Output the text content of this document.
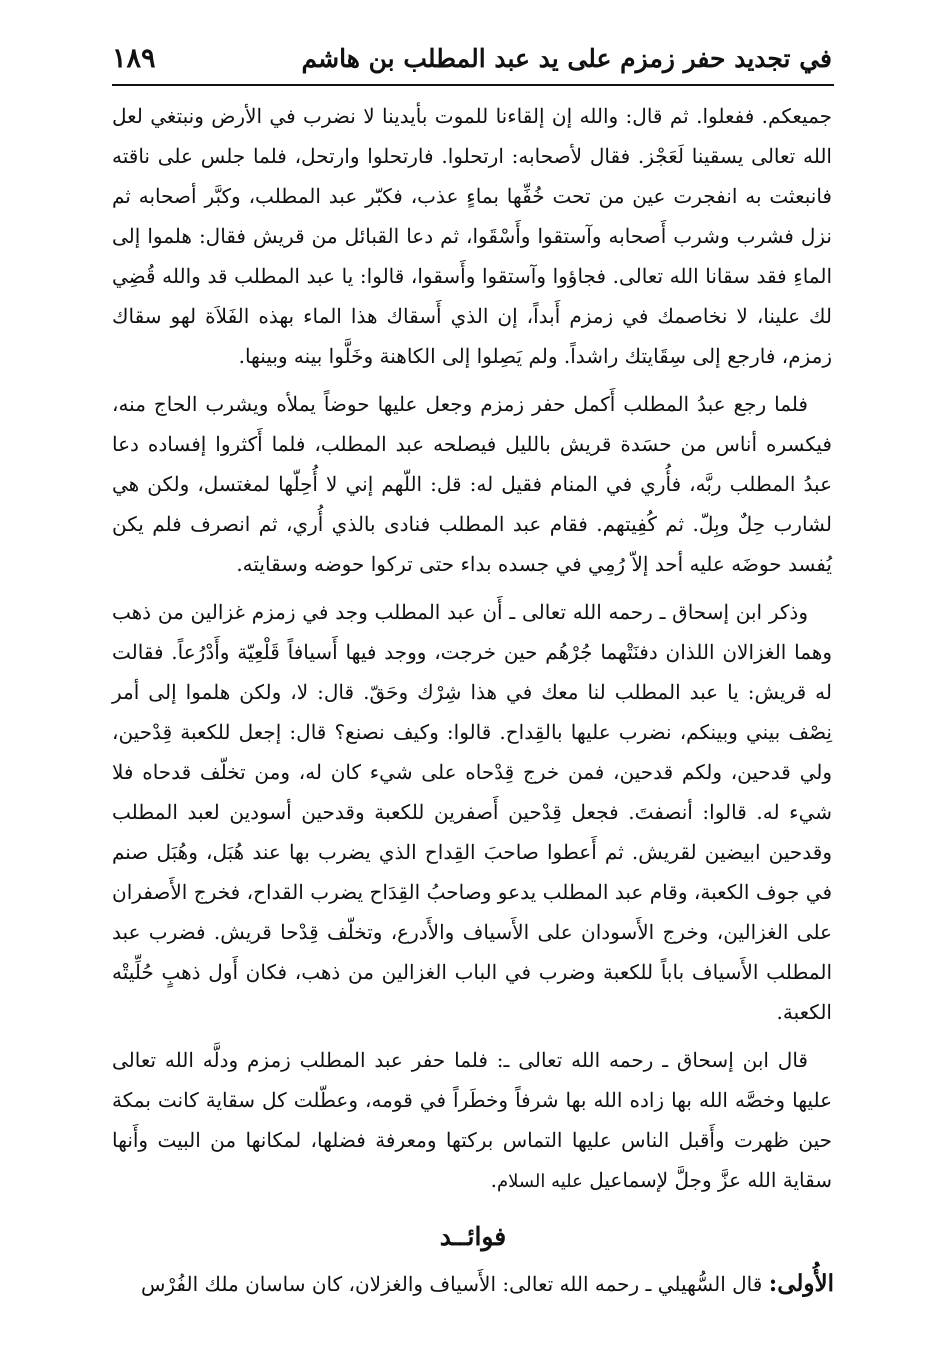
في تجديد حفر زمزم على يد عبد المطلب بن هاشم
١٨٩

جميعكم. ففعلوا. ثم قال: والله إن إلقاءنا للموت بأيدينا لا نضرب في الأرض ونبتغي لعل الله تعالى يسقينا لَعَجْز. فقال لأصحابه: ارتحلوا. فارتحلوا وارتحل، فلما جلس على ناقته فانبعثت به انفجرت عين من تحت خُفِّها بماءٍ عذب، فكبّر عبد المطلب، وكبَّر أصحابه ثم نزل فشرب وشرب أَصحابه وآستقوا وأَسْقَوا، ثم دعا القبائل من قريش فقال: هلموا إلى الماءِ فقد سقانا الله تعالى. فجاؤوا وآستقوا وأَسقوا، قالوا: يا عبد المطلب قد والله قُضِي لك علينا، لا نخاصمك في زمزم أَبداً، إن الذي أَسقاك هذا الماء بهذه الفَلاَة لهو سقاك زمزم، فارجع إلى سِقَايتك راشداً. ولم يَصِلوا إلى الكاهنة وخَلَّوا بينه وبينها.

فلما رجع عبدُ المطلب أَكمل حفر زمزم وجعل عليها حوضاً يملأه ويشرب الحاج منه، فيكسره أناس من حسَدة قريش بالليل فيصلحه عبد المطلب، فلما أَكثروا إفساده دعا عبدُ المطلب ربَّه، فأُري في المنام فقيل له: قل: اللّهم إني لا أُحِلّها لمغتسل، ولكن هي لشارب حِلٌ وبِلّ. ثم كُفِيتهم. فقام عبد المطلب فنادى بالذي أُري، ثم انصرف فلم يكن يُفسد حوضَه عليه أحد إلاّ رُمِي في جسده بداء حتى تركوا حوضه وسقايته.

وذكر ابن إسحاق ـ رحمه الله تعالى ـ أَن عبد المطلب وجد في زمزم غزالين من ذهب وهما الغزالان اللذان دفنَتْهما جُرْهُم حين خرجت، ووجد فيها أَسيافاً قَلْعِيّة وأَدْرُعاً. فقالت له قريش: يا عبد المطلب لنا معك في هذا شِرْك وحَقّ. قال: لا، ولكن هلموا إلى أمر نِصْف بيني وبينكم، نضرب عليها بالقِداح. قالوا: وكيف نصنع؟ قال: إجعل للكعبة قِدْحين، ولي قدحين، ولكم قدحين، فمن خرج قِدْحاه على شيء كان له، ومن تخلّف قدحاه فلا شيء له. قالوا: أنصفتَ. فجعل قِدْحين أَصفرين للكعبة وقدحين أسودين لعبد المطلب وقدحين ابيضين لقريش. ثم أَعطوا صاحبَ القِداح الذي يضرب بها عند هُبَل، وهُبَل صنم في جوف الكعبة، وقام عبد المطلب يدعو وصاحبُ القِدَاح يضرب القداح، فخرج الأَصفران على الغزالين، وخرج الأَسودان على الأَسياف والأَدرع، وتخلّف قِدْحا قريش. فضرب عبد المطلب الأَسياف باباً للكعبة وضرب في الباب الغزالين من ذهب، فكان أَول ذهبٍ حُلِّيتْه الكعبة.

قال ابن إسحاق ـ رحمه الله تعالى ـ: فلما حفر عبد المطلب زمزم ودلَّه الله تعالى عليها وخصَّه الله بها زاده الله بها شرفاً وخطَراً في قومه، وعطّلت كل سقاية كانت بمكة حين ظهرت وأَقبل الناس عليها التماس بركتها ومعرفة فضلها، لمكانها من البيت وأَنها سقاية الله عزَّ وجلَّ لإسماعيل عليه السلام.

فوائــد
الأُولى: قال السُّهيلي ـ رحمه الله تعالى: الأَسياف والغزلان، كان ساسان ملك الفُرْس
